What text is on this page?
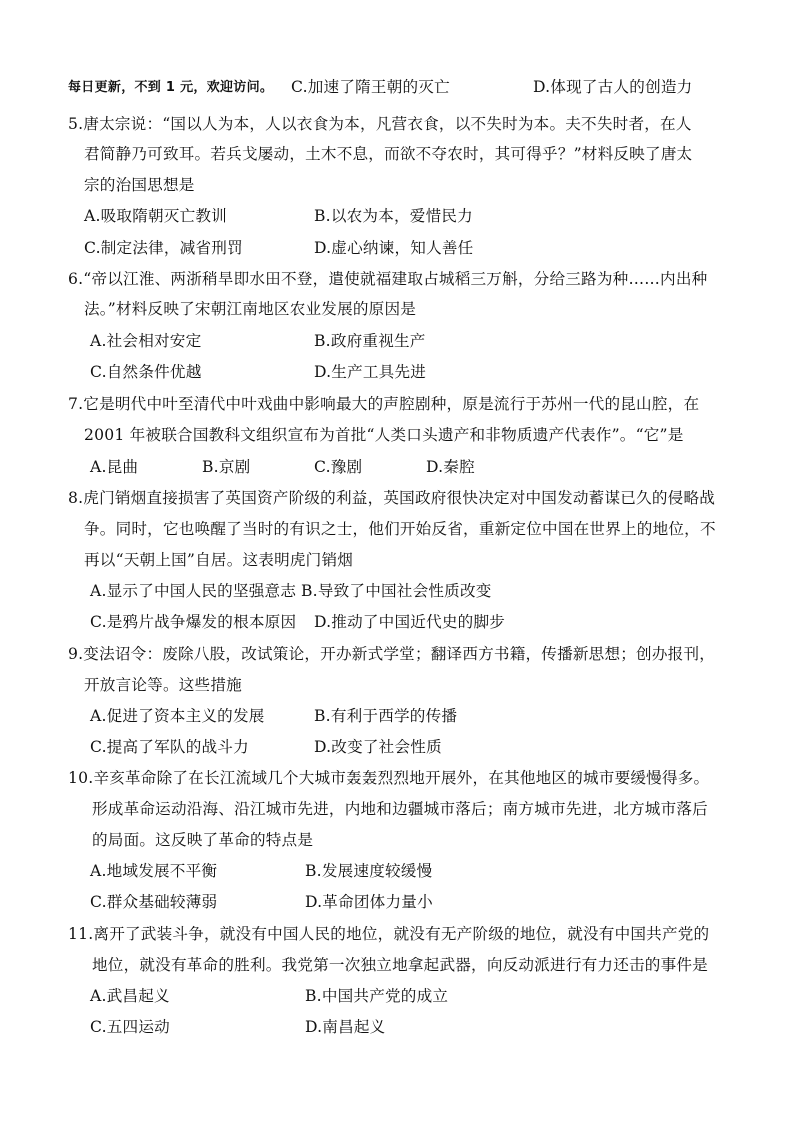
每日更新，不到 1 元，欢迎访问。 C.加速了隋王朝的灭亡	D.体现了古人的创造力
5.唐太宗说：“国以人为本，人以衣食为本，凡营衣食，以不失时为本。夫不失时者，在人
君简静乃可致耳。若兵戈屡动，土木不息，而欲不夺农时，其可得乎？”材料反映了唐太
宗的治国思想是
A.吸取隋朝灭亡教训	B.以农为本，爱惜民力
C.制定法律，减省刑罚	D.虚心纳谏，知人善任
6.“帝以江淮、两浙稍旱即水田不登，遣使就福建取占城稻三万斛，分给三路为种……内出种
法。”材料反映了宋朝江南地区农业发展的原因是
A.社会相对安定	B.政府重视生产
C.自然条件优越	D.生产工具先进
7.它是明代中叶至清代中叶戏曲中影响最大的声腔剧种，原是流行于苏州一代的昆山腔，在
2001 年被联合国教科文组织宣布为首批“人类口头遗产和非物质遗产代表作”。“它”是
A.昆曲	B.京剧	C.豫剧	D.秦腔
8.虎门销烟直接损害了英国资产阶级的利益，英国政府很快决定对中国发动蓄谋已久的侵略战
争。同时，它也唤醒了当时的有识之士，他们开始反省，重新定位中国在世界上的地位，不
再以“天朝上国”自居。这表明虎门销烟
A.显示了中国人民的坚强意志 B.导致了中国社会性质改变
C.是鸦片战争爆发的根本原因 D.推动了中国近代史的脚步
9.变法诏令：废除八股，改试策论，开办新式学堂；翻译西方书籍，传播新思想；创办报刊，
开放言论等。这些措施
A.促进了资本主义的发展	B.有利于西学的传播
C.提高了军队的战斗力	D.改变了社会性质
10.辛亥革命除了在长江流域几个大城市轰轰烈烈地开展外，在其他地区的城市要缓慢得多。
形成革命运动沿海、沿江城市先进，内地和边疆城市落后；南方城市先进，北方城市落后
的局面。这反映了革命的特点是
A.地域发展不平衡	B.发展速度较缓慢
C.群众基础较薄弱	D.革命团体力量小
11.离开了武装斗争，就没有中国人民的地位，就没有无产阶级的地位，就没有中国共产党的
地位，就没有革命的胜利。我党第一次独立地拿起武器，向反动派进行有力还击的事件是
A.武昌起义	B.中国共产党的成立
C.五四运动	D.南昌起义
